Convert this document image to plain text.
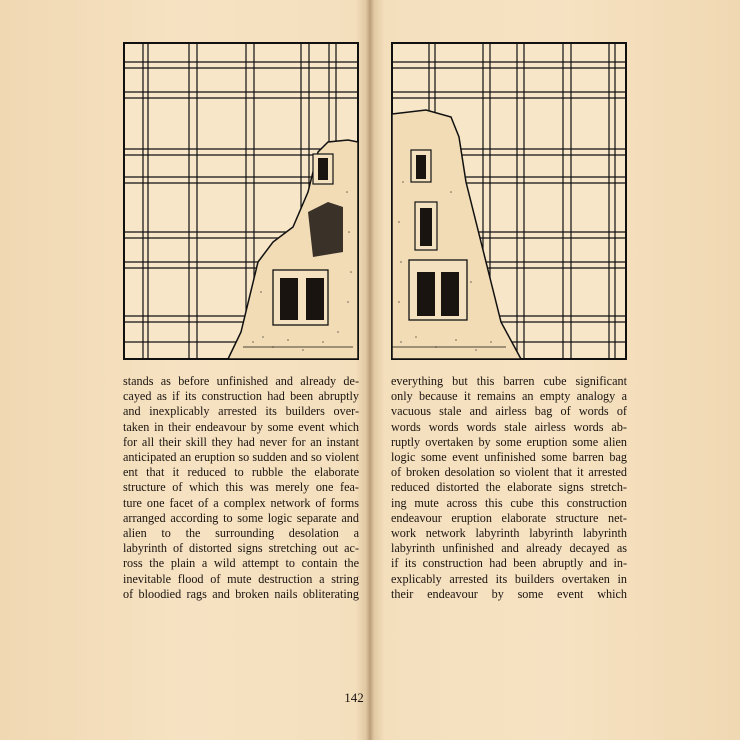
stands as before unfinished and already de-
cayed as if its construction had been abruptly
and inexplicably arrested its builders over-
taken in their endeavour by some event which
for all their skill they had never for an instant
anticipated an eruption so sudden and so violent
ent that it reduced to rubble the elaborate
structure of which this was merely one fea-
ture one facet of a complex network of forms
arranged according to some logic separate and
alien to the surrounding desolation a
labyrinth of distorted signs stretching out ac-
ross the plain a wild attempt to contain the
inevitable flood of mute destruction a string
of bloodied rags and broken nails obliterating
everything but this barren cube significant
only because it remains an empty analogy a
vacuous stale and airless bag of words of
words words words stale airless words ab-
ruptly overtaken by some eruption some alien
logic some event unfinished some barren bag
of broken desolation so violent that it arrested
reduced distorted the elaborate signs stretch-
ing mute across this cube this construction
endeavour eruption elaborate structure net-
work network labyrinth labyrinth labyrinth
labyrinth unfinished and already decayed as
if its construction had been abruptly and in-
explicably arrested its builders overtaken in
their endeavour by some event which
142
